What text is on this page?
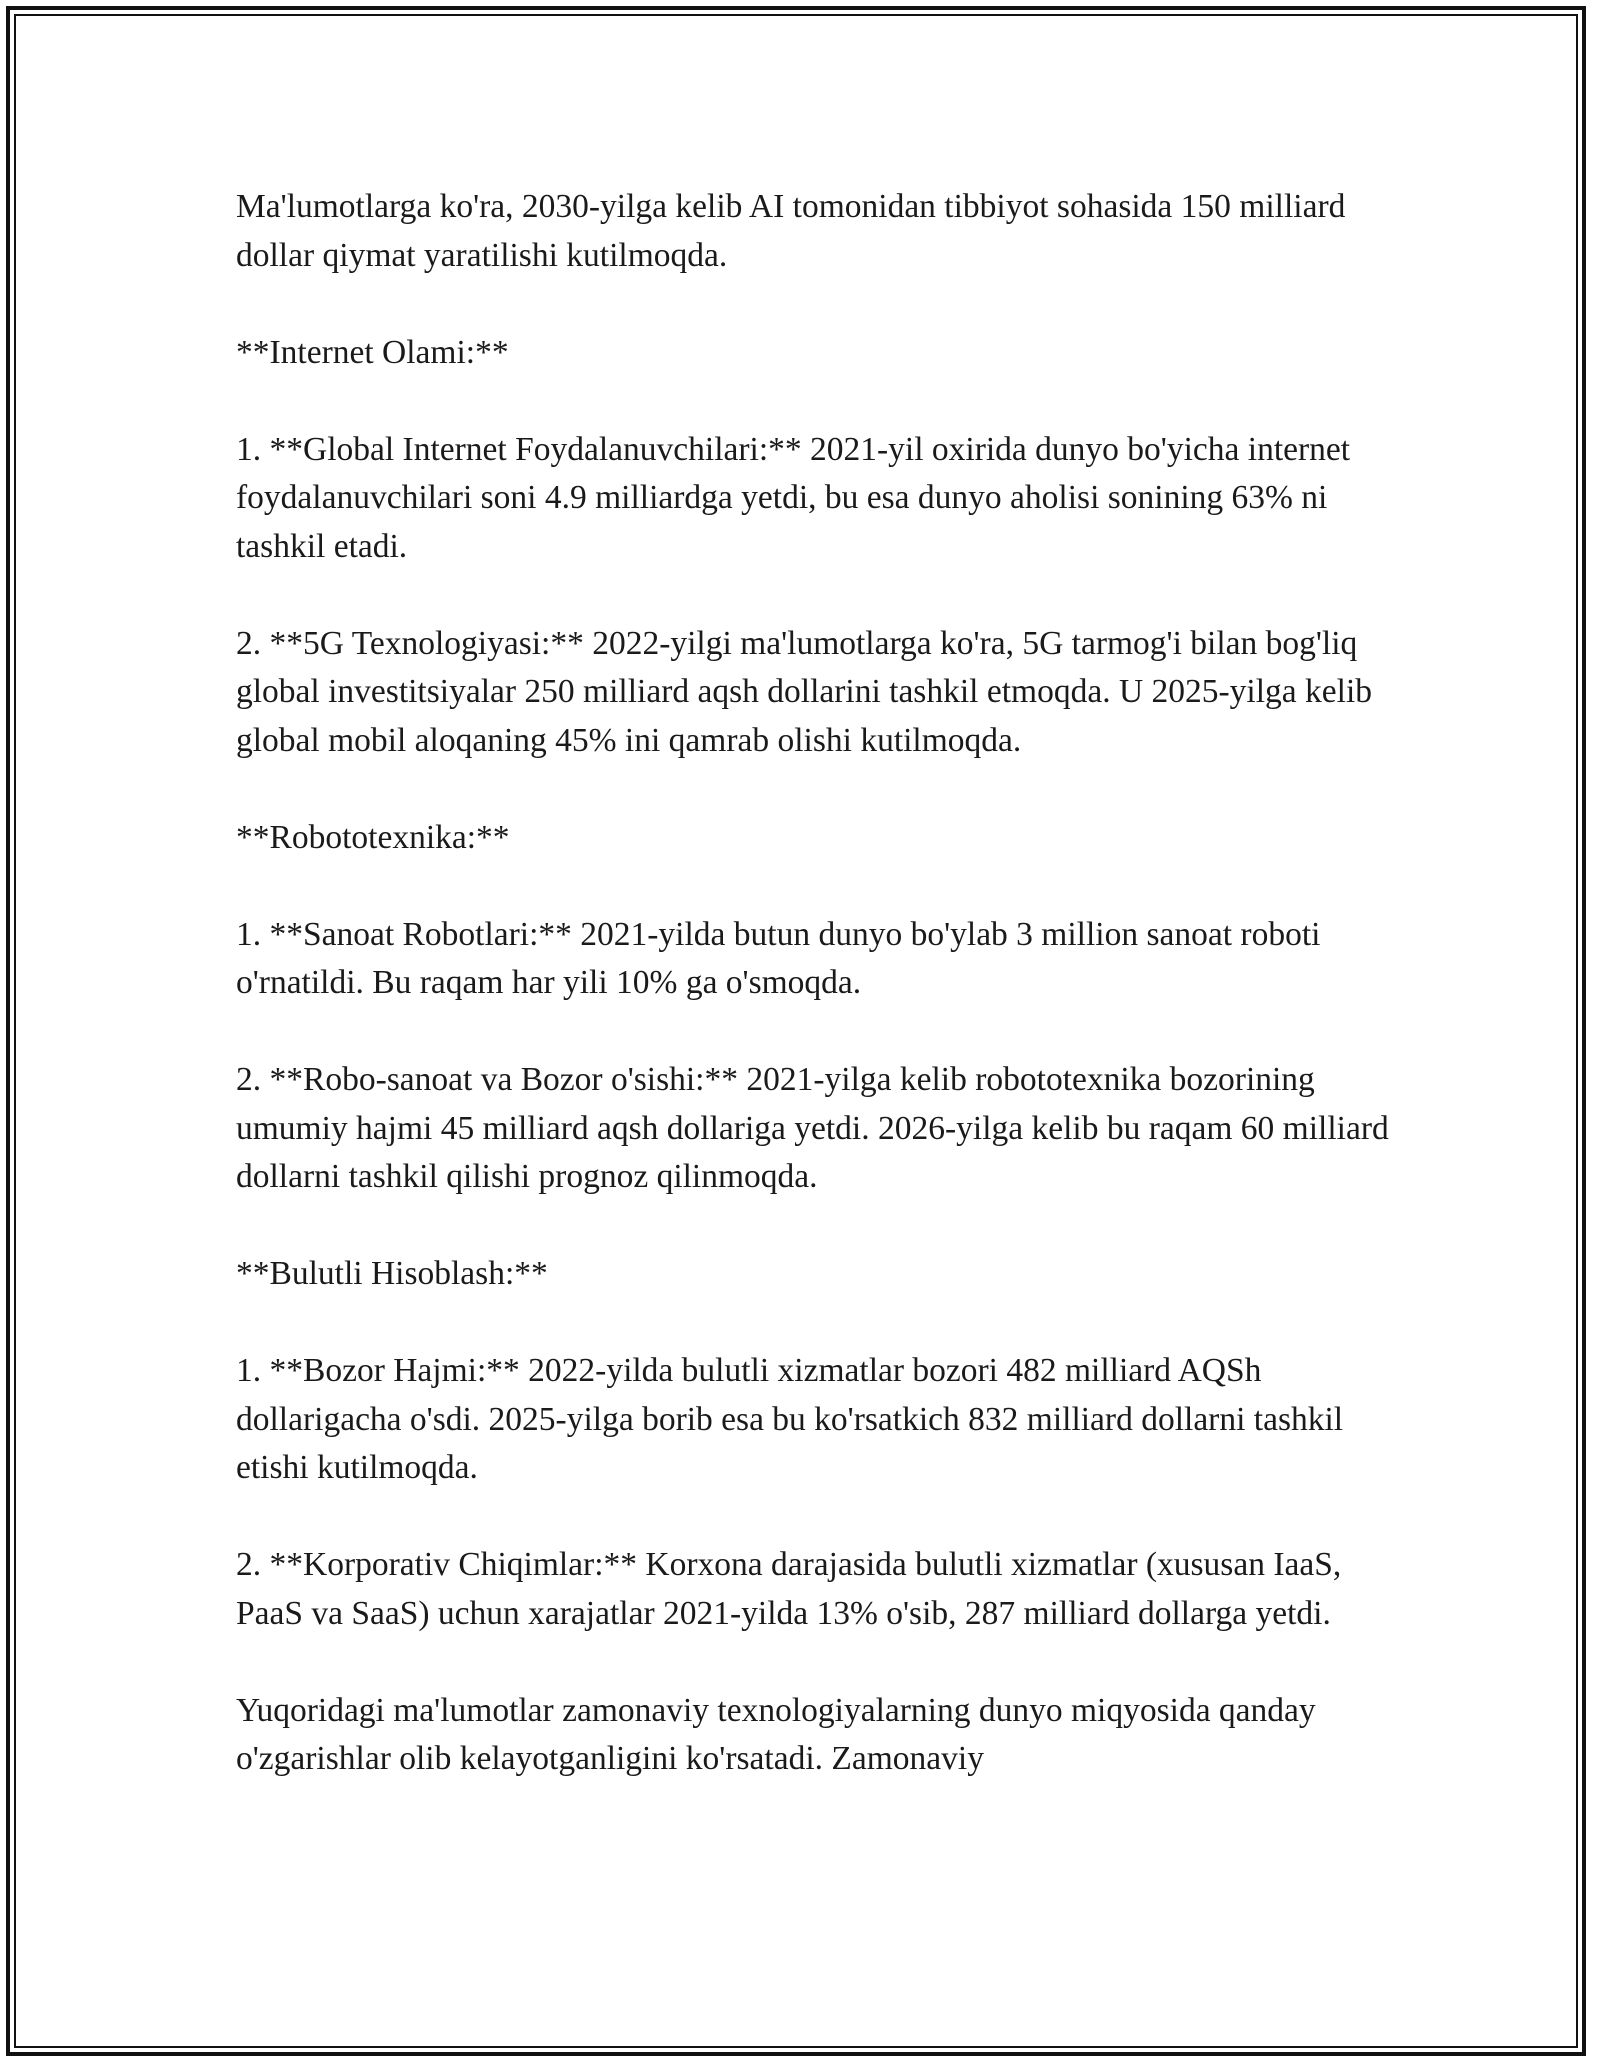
Ma'lumotlarga ko'ra, 2030-yilga kelib AI tomonidan tibbiyot sohasida 150 milliard dollar qiymat yaratilishi kutilmoqda.

**Internet Olami:**

1. **Global Internet Foydalanuvchilari:** 2021-yil oxirida dunyo bo'yicha internet foydalanuvchilari soni 4.9 milliardga yetdi, bu esa dunyo aholisi sonining 63% ni tashkil etadi.

2. **5G Texnologiyasi:** 2022-yilgi ma'lumotlarga ko'ra, 5G tarmog'i bilan bog'liq global investitsiyalar 250 milliard aqsh dollarini tashkil etmoqda. U 2025-yilga kelib global mobil aloqaning 45% ini qamrab olishi kutilmoqda.

**Robototexnika:**

1. **Sanoat Robotlari:** 2021-yilda butun dunyo bo'ylab 3 million sanoat roboti o'rnatildi. Bu raqam har yili 10% ga o'smoqda.

2. **Robo-sanoat va Bozor o'sishi:** 2021-yilga kelib robototexnika bozorining umumiy hajmi 45 milliard aqsh dollariga yetdi. 2026-yilga kelib bu raqam 60 milliard dollarni tashkil qilishi prognoz qilinmoqda.

**Bulutli Hisoblash:**

1. **Bozor Hajmi:** 2022-yilda bulutli xizmatlar bozori 482 milliard AQSh dollarigacha o'sdi. 2025-yilga borib esa bu ko'rsatkich 832 milliard dollarni tashkil etishi kutilmoqda.

2. **Korporativ Chiqimlar:** Korxona darajasida bulutli xizmatlar (xususan IaaS, PaaS va SaaS) uchun xarajatlar 2021-yilda 13% o'sib, 287 milliard dollarga yetdi.

Yuqoridagi ma'lumotlar zamonaviy texnologiyalarning dunyo miqyosida qanday o'zgarishlar olib kelayotganligini ko'rsatadi. Zamonaviy
